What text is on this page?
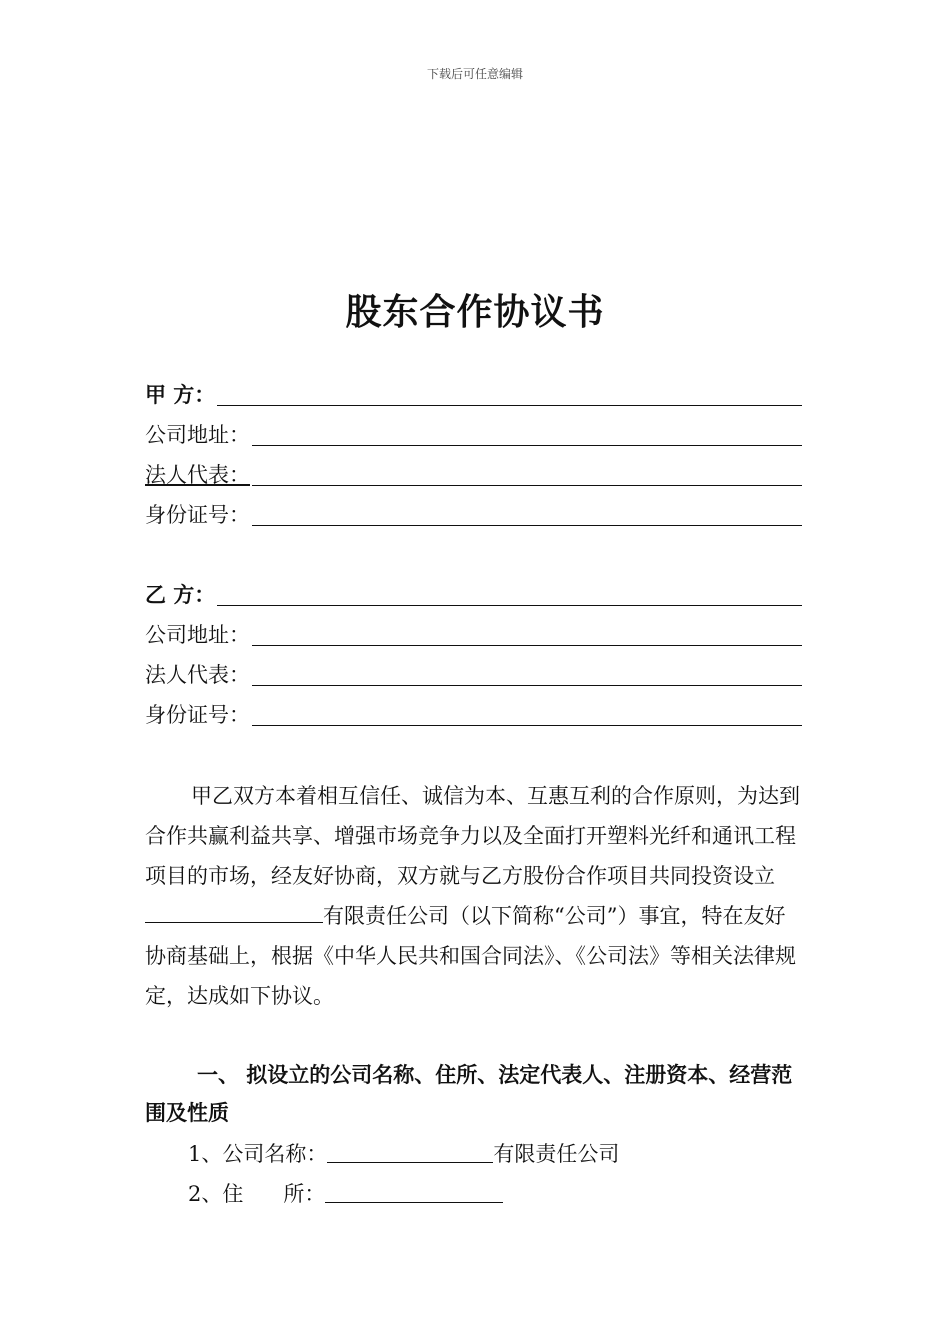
下载后可任意编辑
股东合作协议书
甲 方：
公司地址：
法人代表：
身份证号：
乙 方：
公司地址：
法人代表：
身份证号：

甲乙双方本着相互信任、诚信为本、互惠互利的合作原则，为达到合作共赢利益共享、增强市场竞争力以及全面打开塑料光纤和通讯工程项目的市场，经友好协商，双方就与乙方股份合作项目共同投资设立有限责任公司（以下简称“公司”）事宜，特在友好协商基础上，根据《中华人民共和国合同法》、《公司法》等相关法律规定，达成如下协议。

一、 拟设立的公司名称、住所、法定代表人、注册资本、经营范围及性质

1、公司名称：	有限责任公司
2、住      所：
